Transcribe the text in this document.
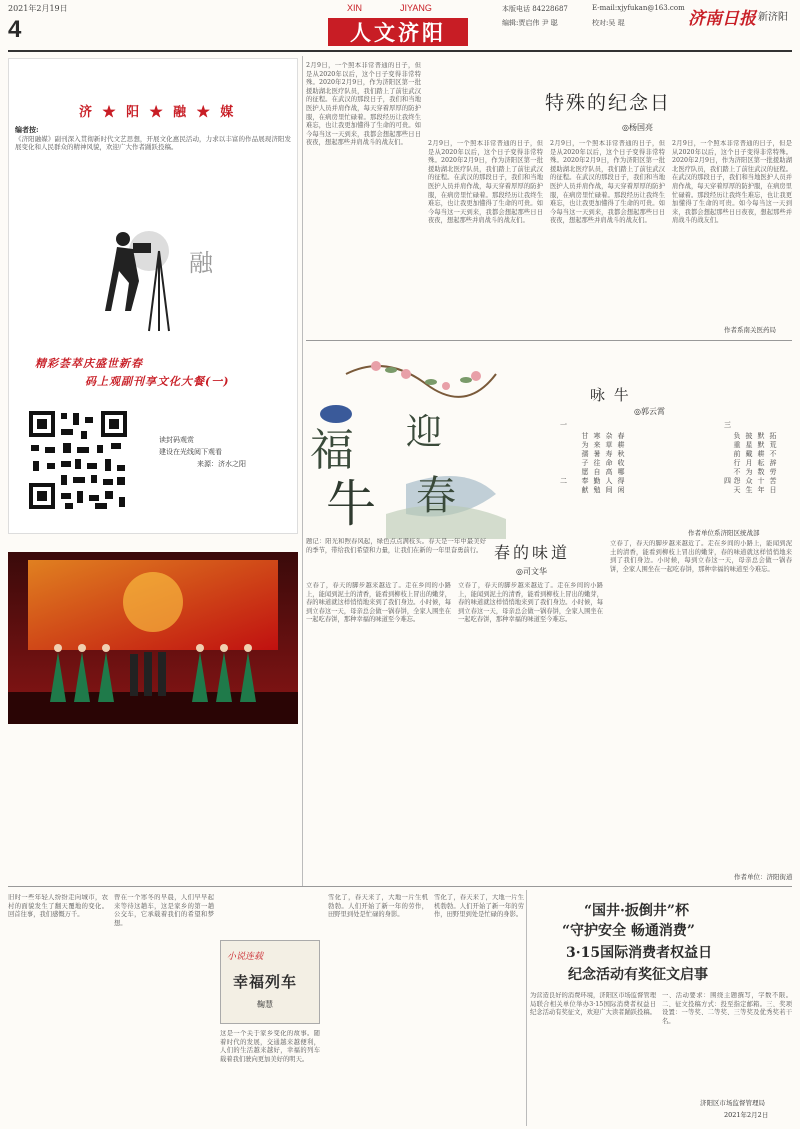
2021年2月19日
4
XIN	JIYANG
人文济阳
本版电话 84228687	E-mail:xjyfukan@163.com
编辑:贾启伟 尹 聪	校对:吴 琨	济南日报 新济阳
济 ★ 阳 ★ 融 ★ 媒
编者按:
《济阳融媒》副刊深入贯彻新时代文艺思想，开展文化惠民活动，力求以丰富的作品展现济阳发展变化和人民群众的精神风貌，欢迎广大作者踊跃投稿。
融
精彩荟萃庆盛世新春
码上观副刊享文化大餐(一)
读封码观赏
建设在光线阅下观看
来源：济水之阳
特殊的纪念日
◎杨国亮
2月9日，一个照本非常普通的日子，但是从2020年以后，这个日子变得非常特殊。2020年2月9日，作为济阳区第一批援助湖北医疗队员，我们踏上了前往武汉的征程。在武汉的那段日子，我们和当地医护人员并肩作战，每天穿着厚厚的防护服，在病房里忙碌着。那段经历让我终生难忘，也让我更加懂得了生命的可贵。如今每当这一天到来，我都会想起那些日日夜夜，想起那些并肩战斗的战友们。	2月9日，一个照本非常普通的日子，但是从2020年以后，这个日子变得非常特殊。2020年2月9日，作为济阳区第一批援助湖北医疗队员，我们踏上了前往武汉的征程。在武汉的那段日子，我们和当地医护人员并肩作战，每天穿着厚厚的防护服，在病房里忙碌着。那段经历让我终生难忘，也让我更加懂得了生命的可贵。如今每当这一天到来，我都会想起那些日日夜夜，想起那些并肩战斗的战友们。
2月9日，一个照本非常普通的日子，但是从2020年以后，这个日子变得非常特殊。2020年2月9日，作为济阳区第一批援助湖北医疗队员，我们踏上了前往武汉的征程。在武汉的那段日子，我们和当地医护人员并肩作战，每天穿着厚厚的防护服，在病房里忙碌着。那段经历让我终生难忘，也让我更加懂得了生命的可贵。如今每当这一天到来，我都会想起那些日日夜夜，想起那些并肩战斗的战友们。
2月9日，一个照本非常普通的日子，但是从2020年以后，这个日子变得非常特殊。2020年2月9日，作为济阳区第一批援助湖北医疗队员，我们踏上了前往武汉的征程。在武汉的那段日子，我们和当地医护人员并肩作战，每天穿着厚厚的防护服，在病房里忙碌着。那段经历让我终生难忘，也让我更加懂得了生命的可贵。如今每当这一天到来，我都会想起那些日日夜夜，想起那些并肩战斗的战友们。
作者系南关医药局
福
牛
迎
春
咏 牛
◎郭云霄
一
二
三
四
春耕秋收哪得闲
杂草寿命高人间
寒来暑往自勤勉
甘为孺子愿奉献	拓荒不辞劳苦日
默默耕耘数十年
披星戴月为众生
负重前行不怨天
作者单位系济阳区统战部
春的味道
◎司文华
题记：阳光和煦春风起，绿色点点满枝头。春天是一年中最美好的季节，带给我们希望和力量，让我们在新的一年里奋勇前行。
立春了，春天的脚步越来越近了。走在乡间的小路上，能闻到泥土的清香，能看到柳枝上冒出的嫩芽，春的味道就这样悄悄地来到了我们身边。小时候，每到立春这一天，母亲总会做一锅春饼，全家人围坐在一起吃春饼，那种幸福的味道至今难忘。
立春了，春天的脚步越来越近了。走在乡间的小路上，能闻到泥土的清香，能看到柳枝上冒出的嫩芽，春的味道就这样悄悄地来到了我们身边。小时候，每到立春这一天，母亲总会做一锅春饼，全家人围坐在一起吃春饼，那种幸福的味道至今难忘。
立春了，春天的脚步越来越近了。走在乡间的小路上，能闻到泥土的清香，能看到柳枝上冒出的嫩芽，春的味道就这样悄悄地来到了我们身边。小时候，每到立春这一天，母亲总会做一锅春饼，全家人围坐在一起吃春饼，那种幸福的味道至今难忘。
作者单位：济阳街道
旧时一些年轻人纷纷走向城市，农村的面貌发生了翻天覆地的变化。回首往事，我们感慨万千。
曾在一个寒冬的早晨，人们早早起来等待这趟车，这是家乡的第一趟公交车，它承载着我们的希望和梦想。
小说连载
幸福列车
鞠慧
这是一个关于家乡变化的故事。随着时代的发展，交通越来越便利，人们的生活越来越好，幸福的列车载着我们驶向更加美好的明天。
雪化了，春天来了，大地一片生机勃勃。人们开始了新一年的劳作，田野里到处是忙碌的身影。
雪化了，春天来了，大地一片生机勃勃。人们开始了新一年的劳作，田野里到处是忙碌的身影。	“国井·扳倒井”杯
“守护安全 畅通消费”
3·15国际消费者权益日
纪念活动有奖征文启事
为营造良好的消费环境，济阳区市场监督管理局联合相关单位举办3·15国际消费者权益日纪念活动有奖征文，欢迎广大读者踊跃投稿。
一、活动要求：围绕主题撰写，字数不限。二、征文投稿方式：投至指定邮箱。三、奖项设置：一等奖、二等奖、三等奖及优秀奖若干名。
济阳区市场监督管理局
2021年2月2日
